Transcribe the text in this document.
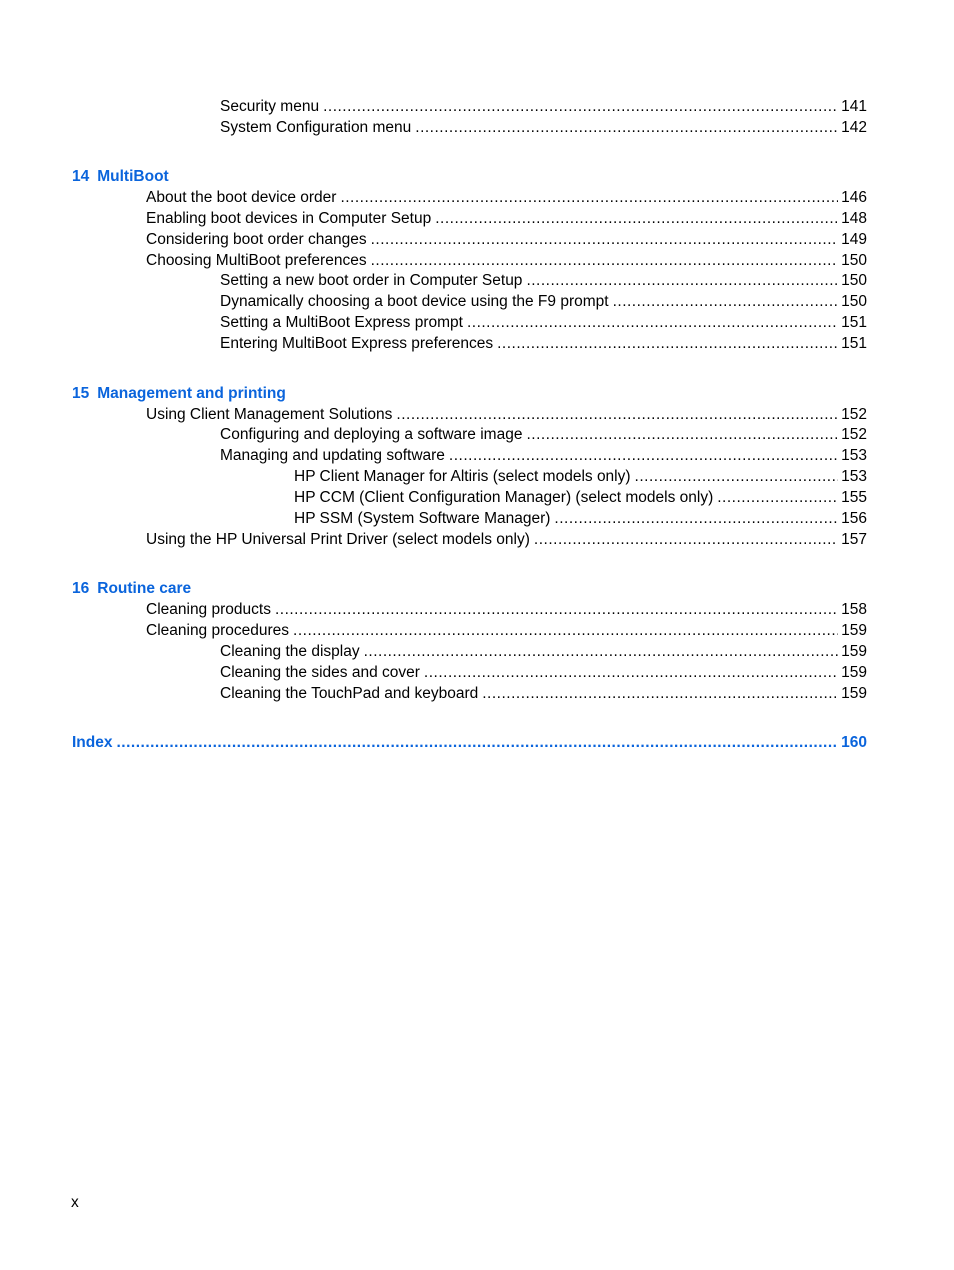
Security menu .....	141
System Configuration menu .....	142
14 MultiBoot
About the boot device order .....	146
Enabling boot devices in Computer Setup .....	148
Considering boot order changes .....	149
Choosing MultiBoot preferences .....	150
Setting a new boot order in Computer Setup .....	150
Dynamically choosing a boot device using the F9 prompt .....	150
Setting a MultiBoot Express prompt .....	151
Entering MultiBoot Express preferences .....	151
15 Management and printing
Using Client Management Solutions .....	152
Configuring and deploying a software image .....	152
Managing and updating software .....	153
HP Client Manager for Altiris (select models only) .....	153
HP CCM (Client Configuration Manager) (select models only) .....	155
HP SSM (System Software Manager) .....	156
Using the HP Universal Print Driver (select models only) .....	157
16 Routine care
Cleaning products .....	158
Cleaning procedures .....	159
Cleaning the display .....	159
Cleaning the sides and cover .....	159
Cleaning the TouchPad and keyboard .....	159
Index .....	160
x
